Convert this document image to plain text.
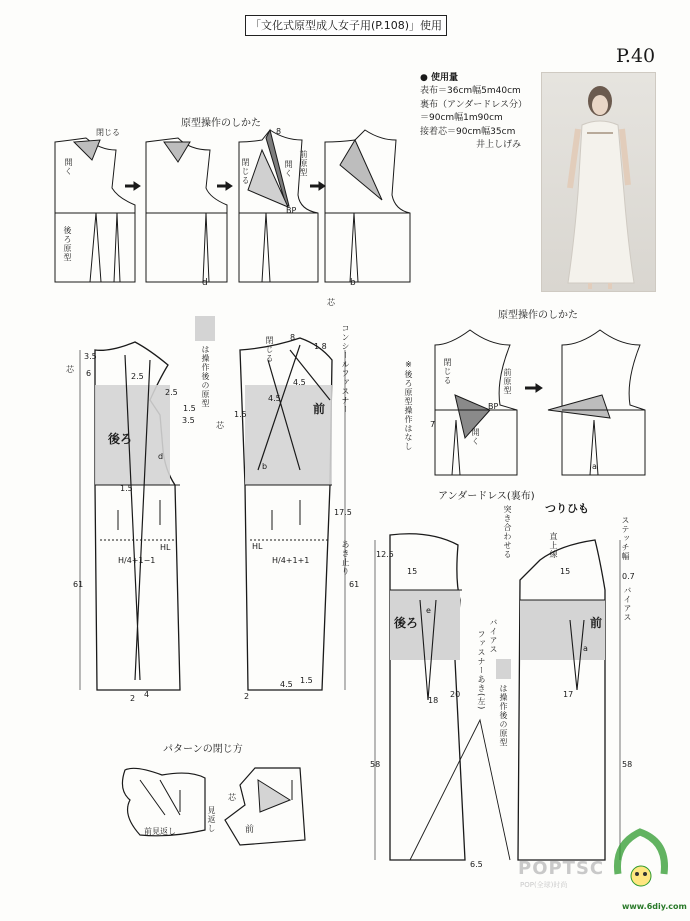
「文化式原型成人女子用(P.108)」使用
P.40
● 使用量
表布＝36cm幅5m40cm
裏布（アンダードレス分）
＝90cm幅1m90cm
接着芯＝90cm幅35cm
井上しげみ
原型操作のしかた
原型操作のしかた
アンダードレス(裏布)
パターンの閉じ方
閉じる
開く
後ろ原型
閉じる	前原型
開く
BP
8
d	b
後ろ
3.5
2.5
2.5
1.5
3.5
6
芯
d
1.5
HL
H/4+1−1
61
2 4
前
閉じる 8
1.8
4.5
4.5
1.5
芯
b
HL
H/4+1+1
17.5
あき止り
61
4.5 1.5
2
芯
コンシールファスナー
は操作後の原型	※後ろ原型操作はなし	閉じる	前原型
BP
開く
7
a
後ろ	前
つりひも
突き合わせる	直上線	ステッチ幅
0.7
バイアス
バイアス
ファスナーあき(左)
は操作後の原型
12.5
15	15
e
a
20
18
17
58	58
6.5
前見返し	前
見返し
芯
POPTSC
POP(全球)时尚
www.6diy.com
